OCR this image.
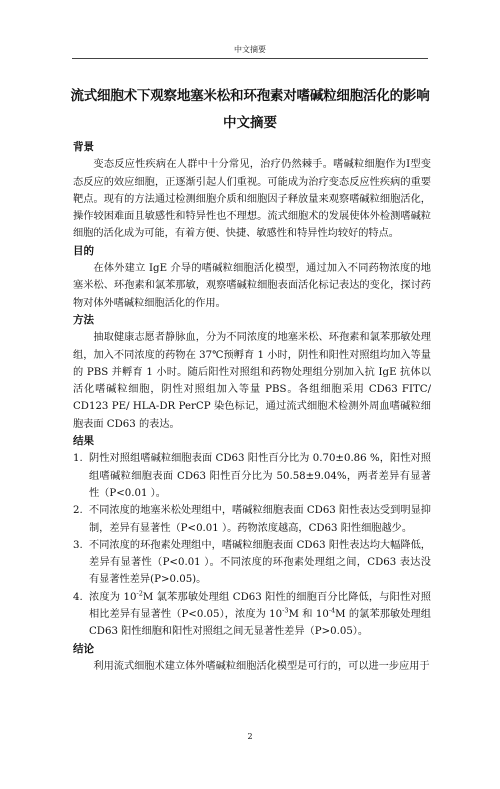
中文摘要
流式细胞术下观察地塞米松和环孢素对嗜碱粒细胞活化的影响
中文摘要
背景
变态反应性疾病在人群中十分常见，治疗仍然棘手。嗜碱粒细胞作为Ⅰ型变态反应的效应细胞，正逐渐引起人们重视。可能成为治疗变态反应性疾病的重要靶点。现有的方法通过检测细胞介质和细胞因子释放量来观察嗜碱粒细胞活化，操作较困难面且敏感性和特异性也不理想。流式细胞术的发展使体外检测嗜碱粒细胞的活化成为可能，有着方便、快捷、敏感性和特异性均较好的特点。
目的
在体外建立 IgE 介导的嗜碱粒细胞活化模型，通过加入不同药物浓度的地塞米松、环孢素和氯苯那敏，观察嗜碱粒细胞表面活化标记表达的变化，探讨药物对体外嗜碱粒细胞活化的作用。
方法
抽取健康志愿者静脉血，分为不同浓度的地塞米松、环孢素和氯苯那敏处理组，加入不同浓度的药物在 37℃预孵育 1 小时，阴性和阳性对照组均加入等量的 PBS 并孵育 1 小时。随后阳性对照组和药物处理组分别加入抗 IgE 抗体以活化嗜碱粒细胞，阴性对照组加入等量 PBS。各组细胞采用 CD63 FITC/ CD123 PE/ HLA-DR PerCP 染色标记，通过流式细胞术检测外周血嗜碱粒细胞表面 CD63 的表达。
结果
1. 阴性对照组嗜碱粒细胞表面 CD63 阳性百分比为 0.70±0.86 %，阳性对照组嗜碱粒细胞表面 CD63 阳性百分比为 50.58±9.04%，两者差异有显著性（P<0.01 ）。
2. 不同浓度的地塞米松处理组中，嗜碱粒细胞表面 CD63 阳性表达受到明显抑制，差异有显著性（P<0.01 ）。药物浓度越高，CD63 阳性细胞越少。
3. 不同浓度的环孢素处理组中，嗜碱粒细胞表面 CD63 阳性表达均大幅降低，差异有显著性（P<0.01 ）。不同浓度的环孢素处理组之间，CD63 表达没有显著性差异(P>0.05)。
4. 浓度为 $10^{-2}M$ 氯苯那敏处理组 CD63 阳性的细胞百分比降低，与阳性对照相比差异有显著性（P<0.05），浓度为 $10^{-3}M$ 和 $10^{-4}M$ 的氯苯那敏处理组 CD63 阳性细胞和阳性对照组之间无显著性差异（P>0.05）。
结论
利用流式细胞术建立体外嗜碱粒细胞活化模型是可行的，可以进一步应用于
2
